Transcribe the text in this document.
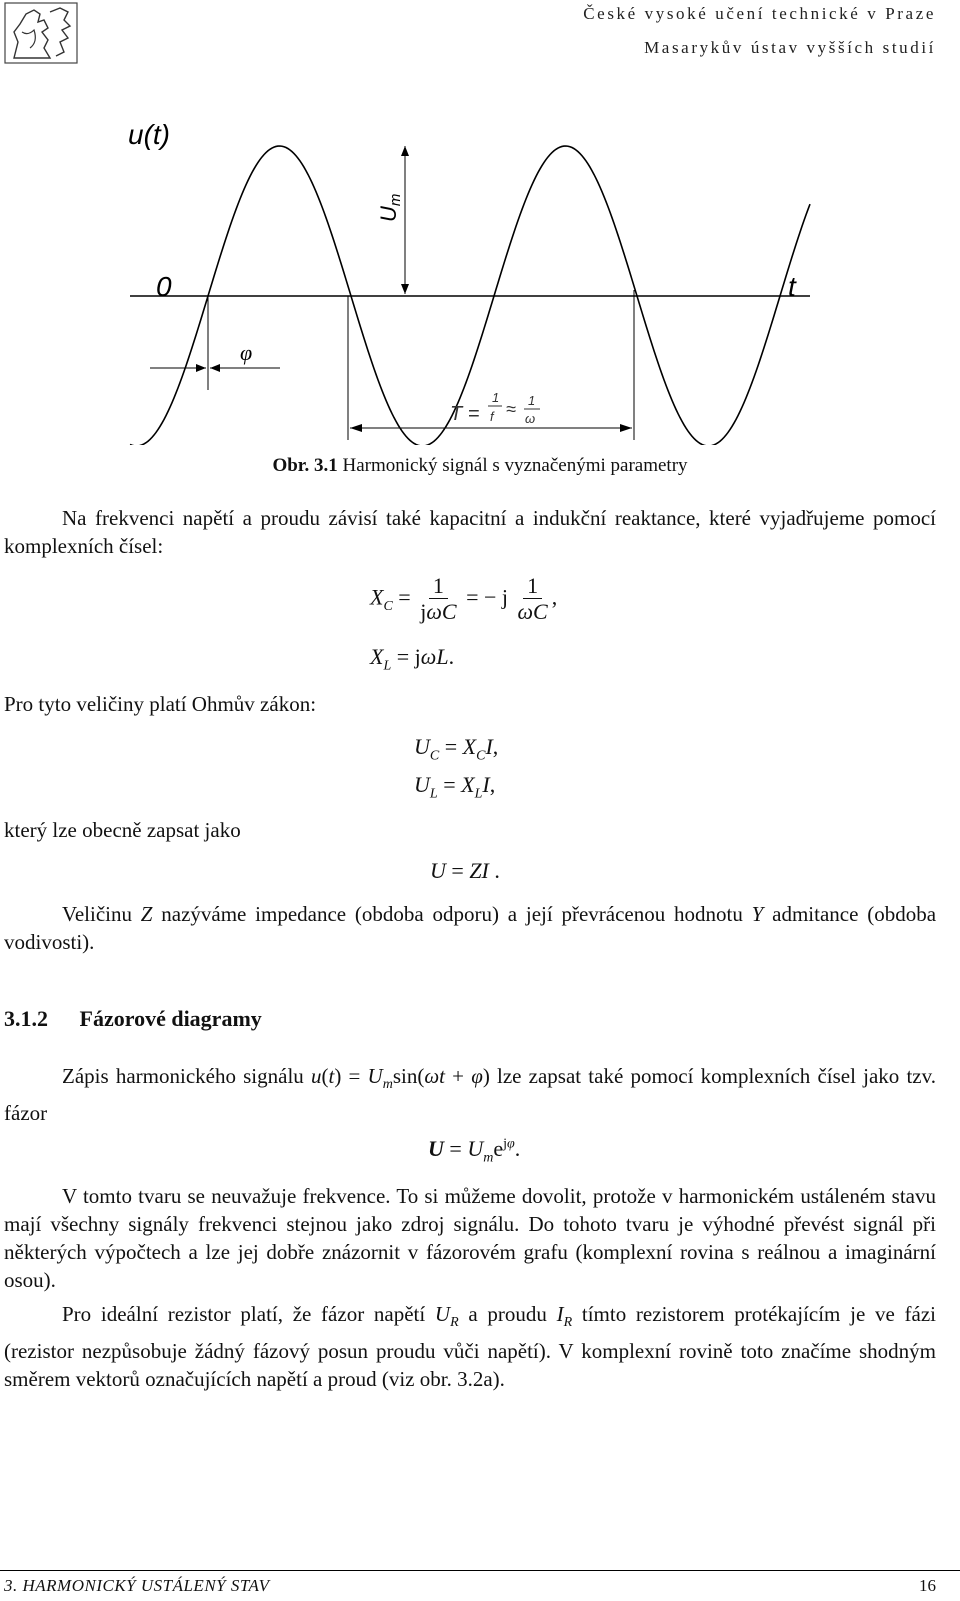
České vysoké učení technické v Praze
Masarykův ústav vyšších studií
u(t)
t
0
φ
Um
T =
1
f ≈ 1
ω
Obr. 3.1 Harmonický signál s vyznačenými parametry
Na frekvenci napětí a proudu závisí také kapacitní a indukční reaktance, které vyjadřujeme pomocí komplexních čísel:
$X_C = \frac{1}{\text{jωC}}$ = − j $\frac{1}{\omega C}$ ,
$X_L = j\omega L$.
Pro tyto veličiny platí Ohmův zákon:
$U_C = X_CI$,
$U_L = X_LI$,
který lze obecně zapsat jako
U = ZI .
Veličinu Z nazýváme impedance (obdoba odporu) a její převrácenou hodnotu Y admitance (obdoba vodivosti).
3.1.2 Fázorové diagramy
Zápis harmonického signálu $u(t) = U_m\sin(\omega t + \varphi)$ lze zapsat také pomocí komplexních čísel jako tzv. fázor
$U = U_me^{j\varphi}$.
V tomto tvaru se neuvažuje frekvence. To si můžeme dovolit, protože v harmonickém ustáleném stavu mají všechny signály frekvenci stejnou jako zdroj signálu. Do tohoto tvaru je výhodné převést signál při některých výpočtech a lze jej dobře znázornit v fázorovém grafu (komplexní rovina s reálnou a imaginární osou).
Pro ideální rezistor platí, že fázor napětí $U_R$ a proudu $I_R$ tímto rezistorem protékajícím je ve fázi (rezistor nezpůsobuje žádný fázový posun proudu vůči napětí). V komplexní rovině toto značíme shodným směrem vektorů označujících napětí a proud (viz obr. 3.2a).
3. HARMONICKÝ USTÁLENÝ STAV	16
